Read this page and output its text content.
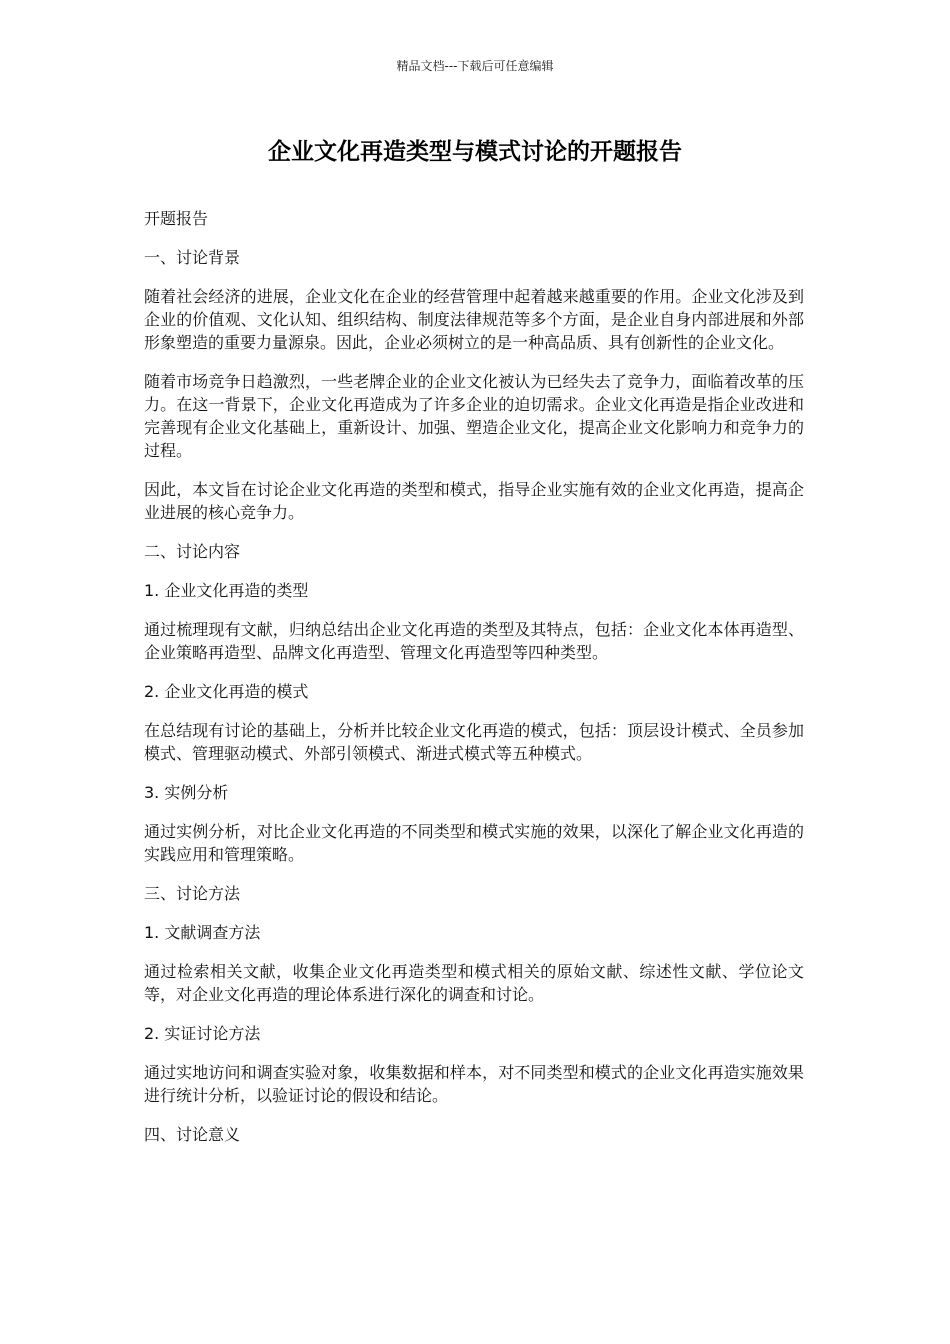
精品文档---下载后可任意编辑
企业文化再造类型与模式讨论的开题报告

开题报告

一、讨论背景

随着社会经济的进展，企业文化在企业的经营管理中起着越来越重要的作用。企业文化涉及到企业的价值观、文化认知、组织结构、制度法律规范等多个方面，是企业自身内部进展和外部形象塑造的重要力量源泉。因此，企业必须树立的是一种高品质、具有创新性的企业文化。

随着市场竞争日趋激烈，一些老牌企业的企业文化被认为已经失去了竞争力，面临着改革的压力。在这一背景下，企业文化再造成为了许多企业的迫切需求。企业文化再造是指企业改进和完善现有企业文化基础上，重新设计、加强、塑造企业文化，提高企业文化影响力和竞争力的过程。

因此，本文旨在讨论企业文化再造的类型和模式，指导企业实施有效的企业文化再造，提高企业进展的核心竞争力。

二、讨论内容

1. 企业文化再造的类型

通过梳理现有文献，归纳总结出企业文化再造的类型及其特点，包括：企业文化本体再造型、企业策略再造型、品牌文化再造型、管理文化再造型等四种类型。

2. 企业文化再造的模式

在总结现有讨论的基础上，分析并比较企业文化再造的模式，包括：顶层设计模式、全员参加模式、管理驱动模式、外部引领模式、渐进式模式等五种模式。

3. 实例分析

通过实例分析，对比企业文化再造的不同类型和模式实施的效果，以深化了解企业文化再造的实践应用和管理策略。

三、讨论方法

1. 文献调查方法

通过检索相关文献，收集企业文化再造类型和模式相关的原始文献、综述性文献、学位论文等，对企业文化再造的理论体系进行深化的调查和讨论。

2. 实证讨论方法

通过实地访问和调查实验对象，收集数据和样本，对不同类型和模式的企业文化再造实施效果进行统计分析，以验证讨论的假设和结论。

四、讨论意义
